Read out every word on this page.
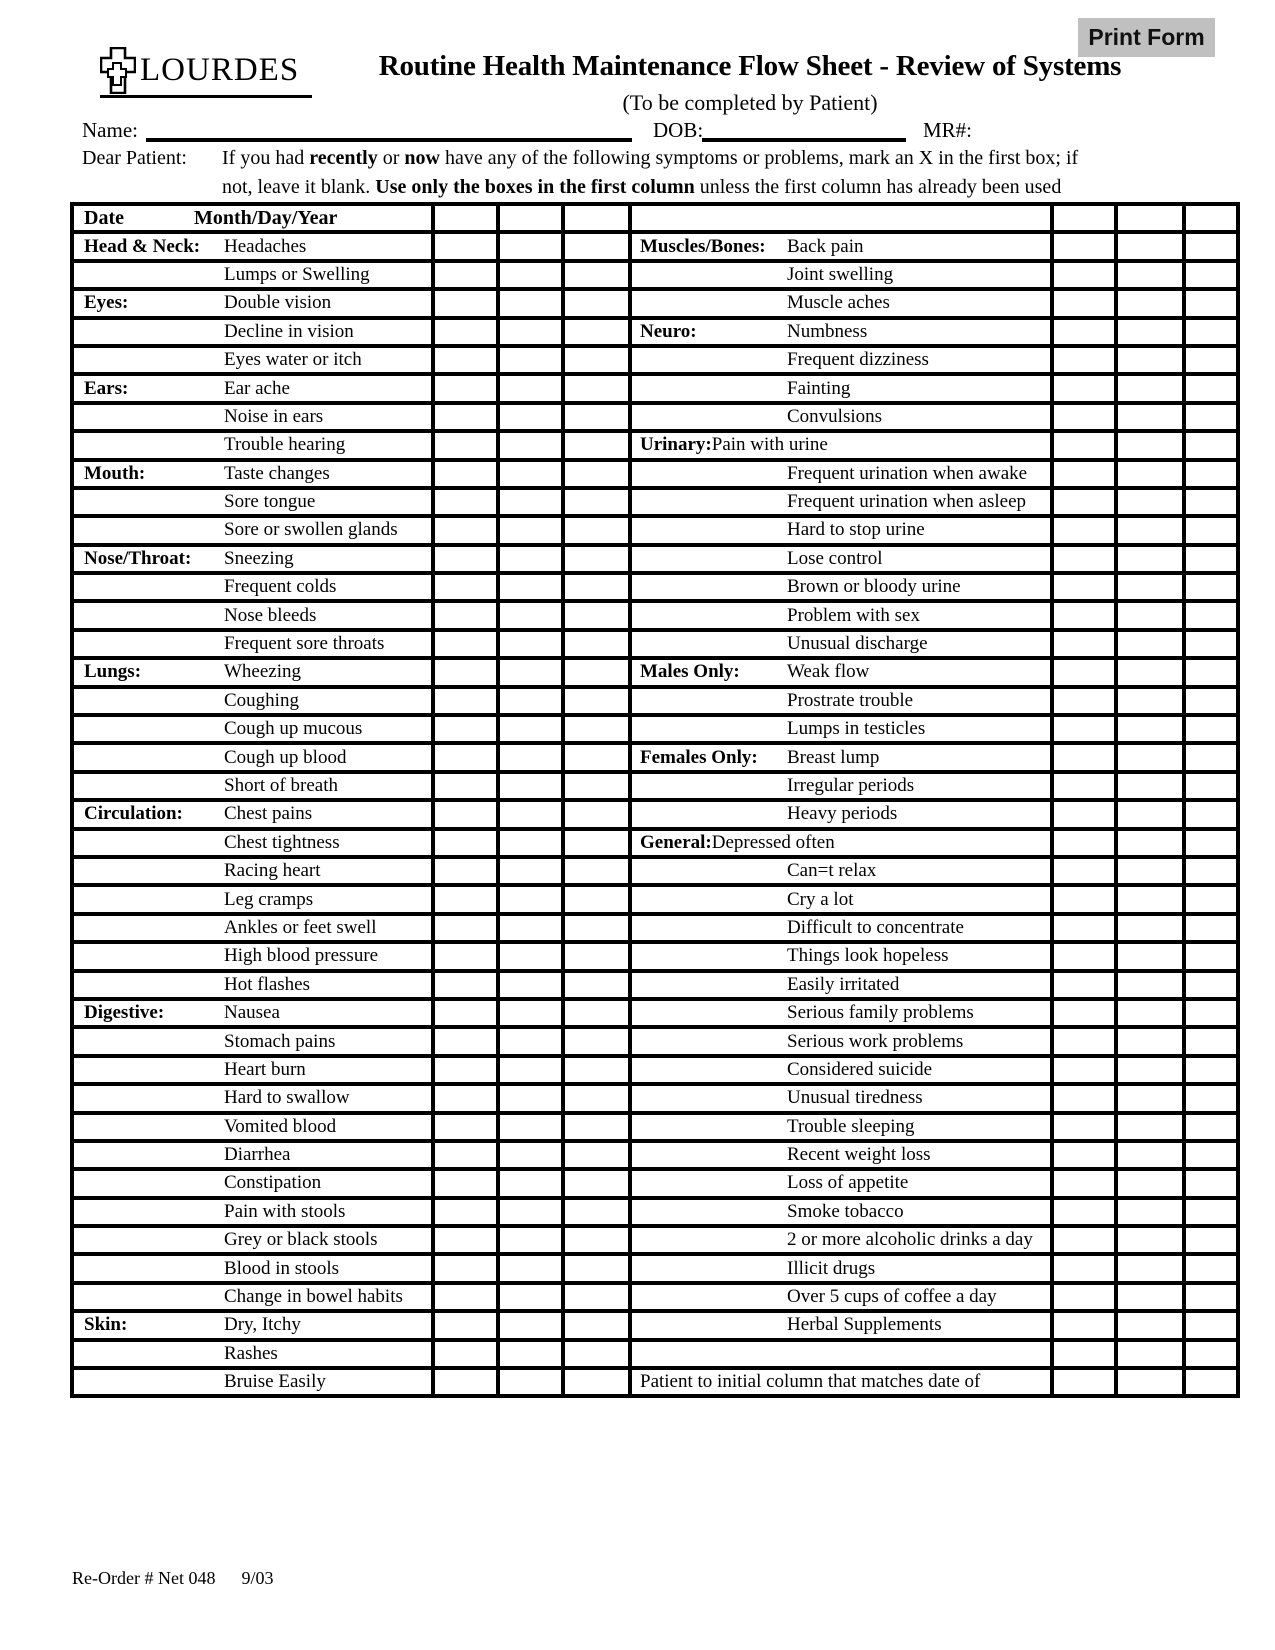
Print Form
LOURDES	Routine Health Maintenance Flow Sheet - Review of Systems
(To be completed by Patient)
Name:	DOB:	MR#:
Dear Patient: If you had recently or now have any of the following symptoms or problems, mark an X in the first box; if
not, leave it blank. Use only the boxes in the first column unless the first column has already been used
Date Month/Day/Year							

Head & Neck: Headaches				Muscles/Bones: Back pain			

Lumps or Swelling				Joint swelling			

Eyes: Double vision				Muscle aches			

Decline in vision				Neuro: Numbness			

Eyes water or itch				Frequent dizziness			

Ears: Ear ache				Fainting			

Noise in ears				Convulsions			

Trouble hearing				Urinary: Pain with urine			

Mouth: Taste changes				Frequent urination when awake			

Sore tongue				Frequent urination when asleep			

Sore or swollen glands				Hard to stop urine			

Nose/Throat: Sneezing				Lose control			

Frequent colds				Brown or bloody urine			

Nose bleeds				Problem with sex			

Frequent sore throats				Unusual discharge			

Lungs: Wheezing				Males Only: Weak flow			

Coughing				Prostrate trouble			

Cough up mucous				Lumps in testicles			

Cough up blood				Females Only: Breast lump			

Short of breath				Irregular periods			

Circulation: Chest pains				Heavy periods			

Chest tightness				General: Depressed often			

Racing heart				Can=t relax			

Leg cramps				Cry a lot			

Ankles or feet swell				Difficult to concentrate			

High blood pressure				Things look hopeless			

Hot flashes				Easily irritated			

Digestive: Nausea				Serious family problems			

Stomach pains				Serious work problems			

Heart burn				Considered suicide			

Hard to swallow				Unusual tiredness			

Vomited blood				Trouble sleeping			

Diarrhea				Recent weight loss			

Constipation				Loss of appetite			

Pain with stools				Smoke tobacco			

Grey or black stools				2 or more alcoholic drinks a day			

Blood in stools				Illicit drugs			

Change in bowel habits				Over 5 cups of coffee a day			

Skin: Dry, Itchy				Herbal Supplements			

Rashes							

Bruise Easily				Patient to initial column that matches date of			

Re-Order # Net 048 9/03
